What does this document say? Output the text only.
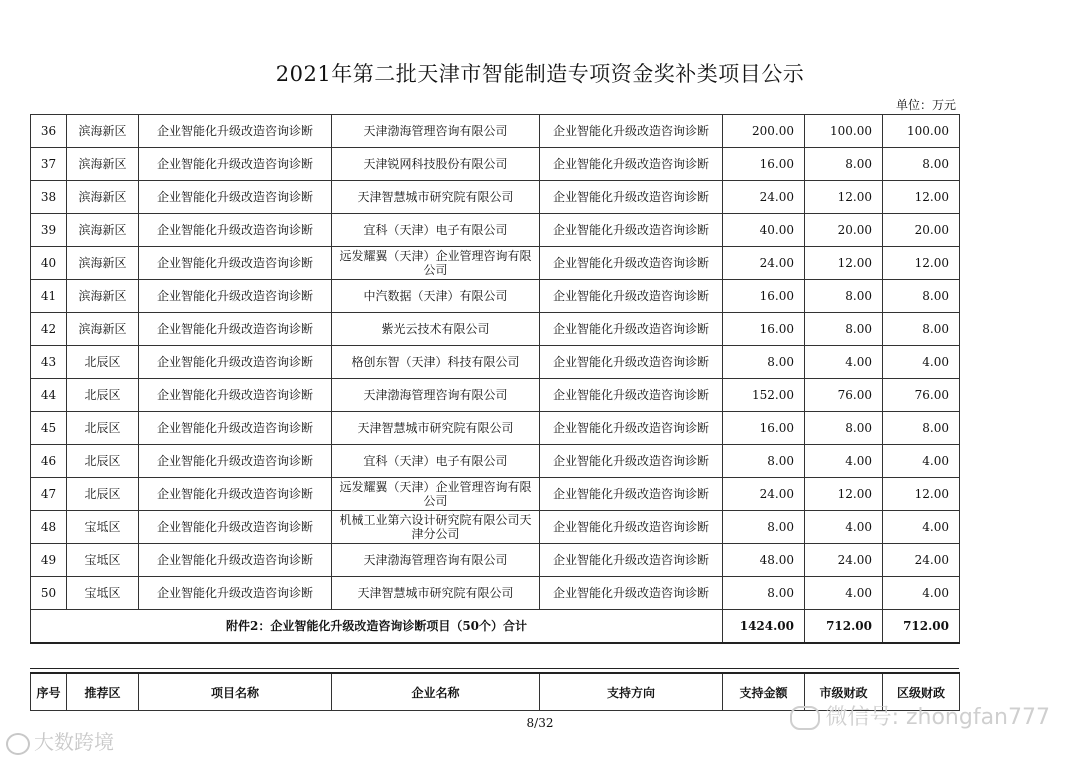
2021年第二批天津市智能制造专项资金奖补类项目公示
单位：万元
36	滨海新区	企业智能化升级改造咨询诊断	天津渤海管理咨询有限公司	企业智能化升级改造咨询诊断	200.00	100.00	100.00
37	滨海新区	企业智能化升级改造咨询诊断	天津锐网科技股份有限公司	企业智能化升级改造咨询诊断	16.00	8.00	8.00
38	滨海新区	企业智能化升级改造咨询诊断	天津智慧城市研究院有限公司	企业智能化升级改造咨询诊断	24.00	12.00	12.00
39	滨海新区	企业智能化升级改造咨询诊断	宜科（天津）电子有限公司	企业智能化升级改造咨询诊断	40.00	20.00	20.00
40	滨海新区	企业智能化升级改造咨询诊断	远发耀翼（天津）企业管理咨询有限公司	企业智能化升级改造咨询诊断	24.00	12.00	12.00
41	滨海新区	企业智能化升级改造咨询诊断	中汽数据（天津）有限公司	企业智能化升级改造咨询诊断	16.00	8.00	8.00
42	滨海新区	企业智能化升级改造咨询诊断	紫光云技术有限公司	企业智能化升级改造咨询诊断	16.00	8.00	8.00
43	北辰区	企业智能化升级改造咨询诊断	格创东智（天津）科技有限公司	企业智能化升级改造咨询诊断	8.00	4.00	4.00
44	北辰区	企业智能化升级改造咨询诊断	天津渤海管理咨询有限公司	企业智能化升级改造咨询诊断	152.00	76.00	76.00
45	北辰区	企业智能化升级改造咨询诊断	天津智慧城市研究院有限公司	企业智能化升级改造咨询诊断	16.00	8.00	8.00
46	北辰区	企业智能化升级改造咨询诊断	宜科（天津）电子有限公司	企业智能化升级改造咨询诊断	8.00	4.00	4.00
47	北辰区	企业智能化升级改造咨询诊断	远发耀翼（天津）企业管理咨询有限公司	企业智能化升级改造咨询诊断	24.00	12.00	12.00
48	宝坻区	企业智能化升级改造咨询诊断	机械工业第六设计研究院有限公司天津分公司	企业智能化升级改造咨询诊断	8.00	4.00	4.00
49	宝坻区	企业智能化升级改造咨询诊断	天津渤海管理咨询有限公司	企业智能化升级改造咨询诊断	48.00	24.00	24.00
50	宝坻区	企业智能化升级改造咨询诊断	天津智慧城市研究院有限公司	企业智能化升级改造咨询诊断	8.00	4.00	4.00
附件2：企业智能化升级改造咨询诊断项目（50个）合计					1424.00	712.00	712.00
序号	推荐区	项目名称	企业名称	支持方向	支持金额	市级财政	区级财政
8/32	微信号: zhongfan777
大数跨境
